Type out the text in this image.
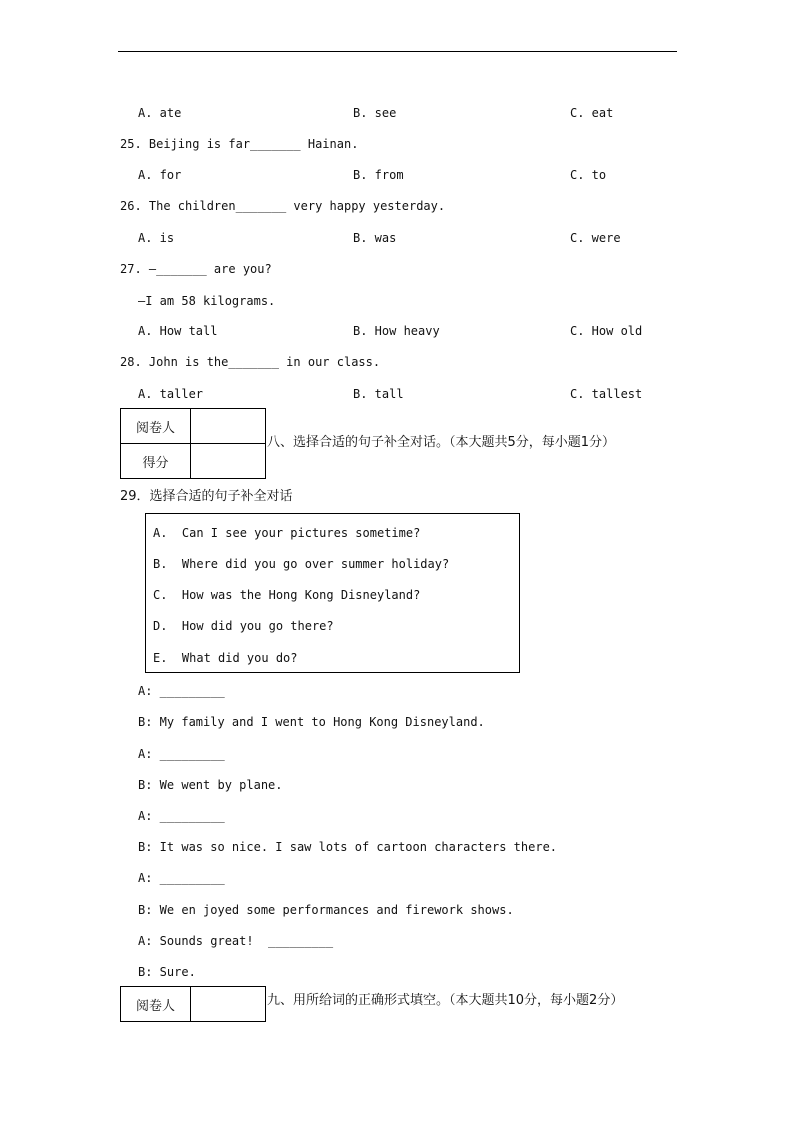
A. ate	B. see	C. eat
25. Beijing is far_______ Hainan.
A. for	B. from	C. to
26. The children_______ very happy yesterday.
A. is	B. was	C. were
27. —_______ are you?
—I am 58 kilograms.
A. How tall	B. How heavy	C. How old
28. John is the_______ in our class.
A. taller	B. tall	C. tallest
阅卷人	
得分	
八、选择合适的句子补全对话。（本大题共5分，每小题1分）
29．选择合适的句子补全对话
A.  Can I see your pictures sometime?
B.  Where did you go over summer holiday?
C.  How was the Hong Kong Disneyland?
D.  How did you go there?
E.  What did you do?
A: _________
B: My family and I went to Hong Kong Disneyland.
A: _________
B: We went by plane.
A: _________
B: It was so nice. I saw lots of cartoon characters there.
A: _________
B: We en joyed some performances and firework shows.
A: Sounds great!  _________
B: Sure.
阅卷人		九、用所给词的正确形式填空。（本大题共10分，每小题2分）
